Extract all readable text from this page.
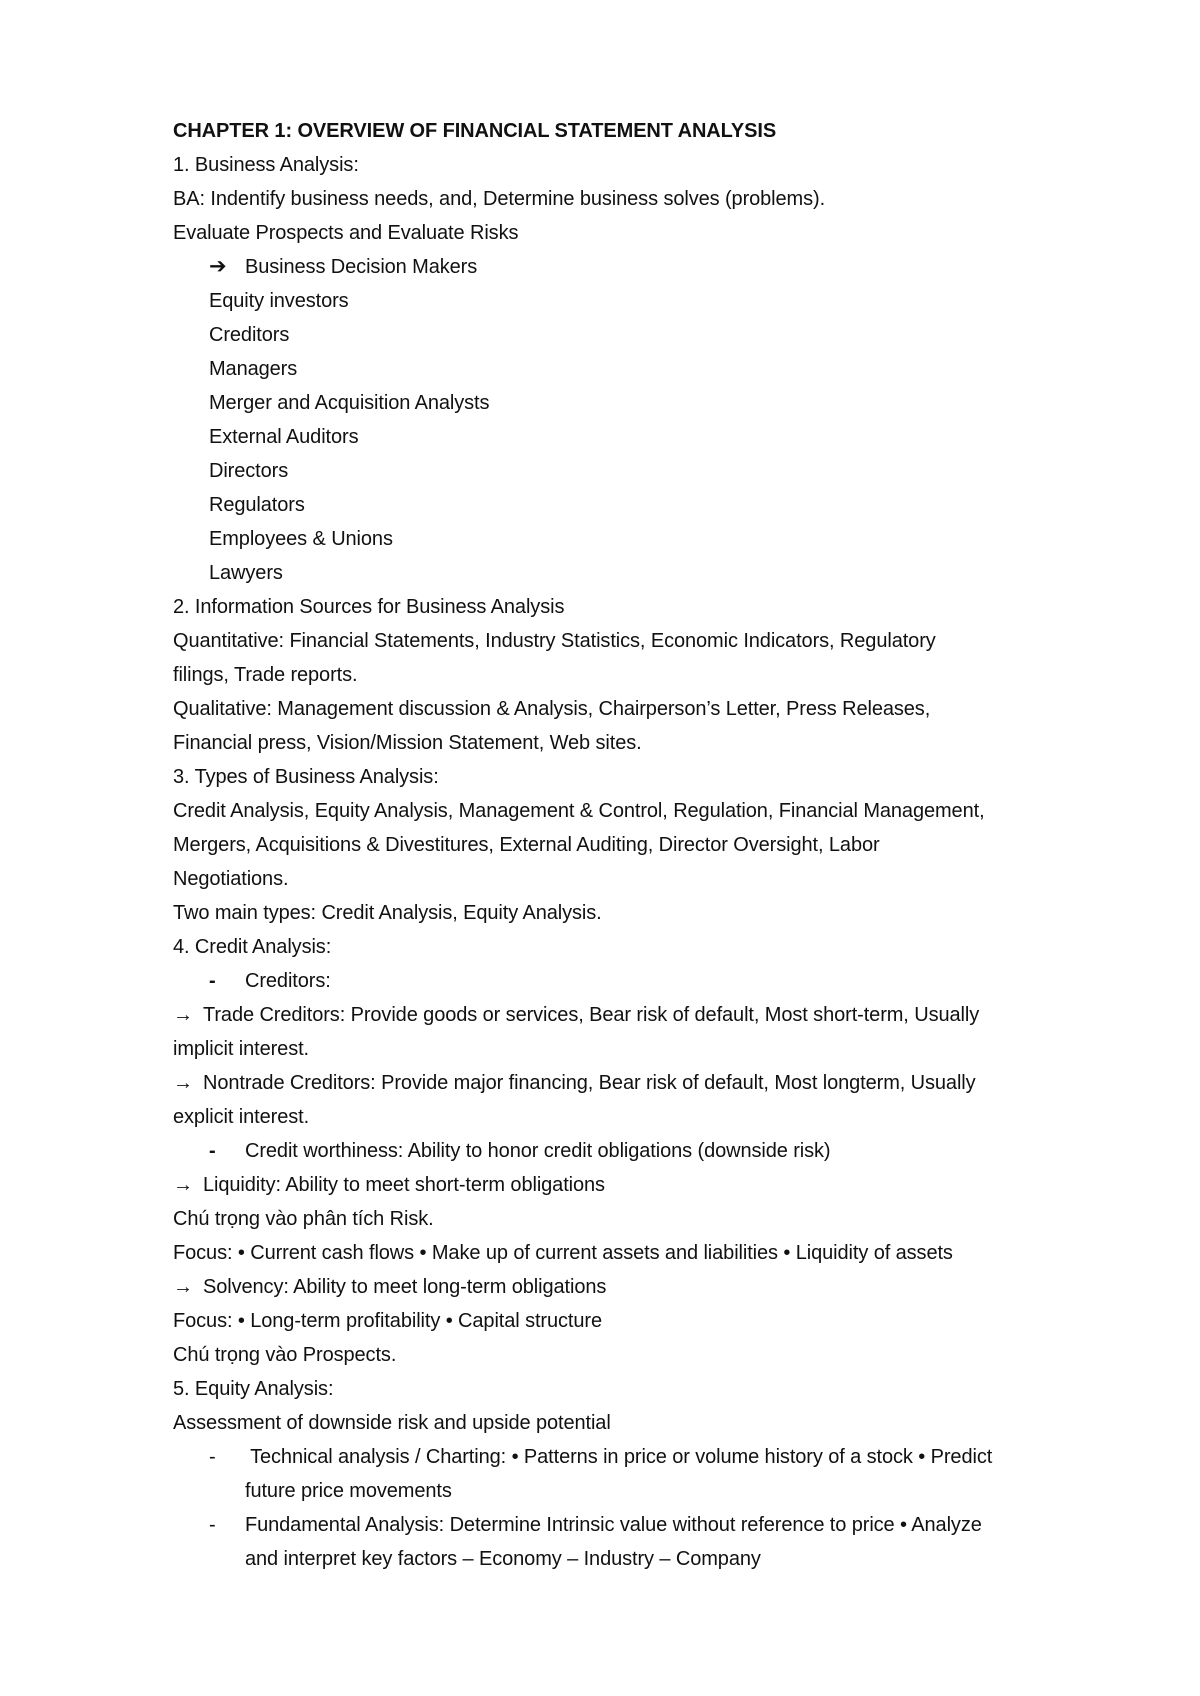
CHAPTER 1: OVERVIEW OF FINANCIAL STATEMENT ANALYSIS
1. Business Analysis:
BA: Indentify business needs, and, Determine business solves (problems).
Evaluate Prospects and Evaluate Risks
➔ Business Decision Makers
Equity investors
Creditors
Managers
Merger and Acquisition Analysts
External Auditors
Directors
Regulators
Employees & Unions
Lawyers
2. Information Sources for Business Analysis
Quantitative: Financial Statements, Industry Statistics, Economic Indicators, Regulatory
filings, Trade reports.
Qualitative: Management discussion & Analysis, Chairperson’s Letter, Press Releases,
Financial press, Vision/Mission Statement, Web sites.
3. Types of Business Analysis:
Credit Analysis, Equity Analysis, Management & Control, Regulation, Financial Management,
Mergers, Acquisitions & Divestitures, External Auditing, Director Oversight, Labor
Negotiations.
Two main types: Credit Analysis, Equity Analysis.
4. Credit Analysis:
-	Creditors:
→ Trade Creditors: Provide goods or services, Bear risk of default, Most short-term, Usually
implicit interest.
→ Nontrade Creditors: Provide major financing, Bear risk of default, Most longterm, Usually
explicit interest.
-	Credit worthiness: Ability to honor credit obligations (downside risk)
→ Liquidity: Ability to meet short-term obligations
Chú trọng vào phân tích Risk.
Focus: • Current cash flows • Make up of current assets and liabilities • Liquidity of assets
→ Solvency: Ability to meet long-term obligations
Focus: • Long-term profitability • Capital structure
Chú trọng vào Prospects.
5. Equity Analysis:
Assessment of downside risk and upside potential
-	Technical analysis / Charting: • Patterns in price or volume history of a stock • Predict
future price movements
-	Fundamental Analysis: Determine Intrinsic value without reference to price • Analyze
and interpret key factors – Economy – Industry – Company
